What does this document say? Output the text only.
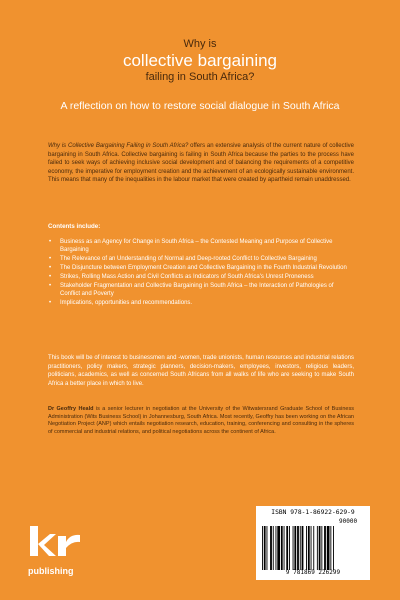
Why is
collective bargaining
failing in South Africa?
A reflection on how to restore social dialogue in South Africa
Why is Collective Bargaining Failing in South Africa? offers an extensive analysis of the current nature of collective bargaining in South Africa. Collective bargaining is failing in South Africa because the parties to the process have failed to seek ways of achieving inclusive social development and of balancing the requirements of a competitive economy, the imperative for employment creation and the achievement of an ecologically sustainable environment. This means that many of the inequalities in the labour market that were created by apartheid remain unaddressed.
Contents include:
• Business as an Agency for Change in South Africa – the Contested Meaning and Purpose of Collective Bargaining
• The Relevance of an Understanding of Normal and Deep-rooted Conflict to Collective Bargaining
• The Disjuncture between Employment Creation and Collective Bargaining in the Fourth Industrial Revolution
• Strikes, Rolling Mass Action and Civil Conflicts as Indicators of South Africa's Unrest Proneness
• Stakeholder Fragmentation and Collective Bargaining in South Africa – the Interaction of Pathologies of Conflict and Poverty
• Implications, opportunities and recommendations.
This book will be of interest to businessmen and -women, trade unionists, human resources and industrial relations practitioners, policy makers, strategic planners, decision-makers, employees, investors, religious leaders, politicians, academics, as well as concerned South Africans from all walks of life who are seeking to make South Africa a better place in which to live.
Dr Geoffry Heald is a senior lecturer in negotiation at the University of the Witwatersrand Graduate School of Business Administration (Wits Business School) in Johannesburg, South Africa. Most recently, Geoffry has been working on the African Negotiation Project (ANP) which entails negotiation research, education, training, conferencing and consulting in the spheres of commercial and industrial relations, and political negotiations across the continent of Africa.
publishing
ISBN 978-1-86922-629-9
90000
9 781869 226299
